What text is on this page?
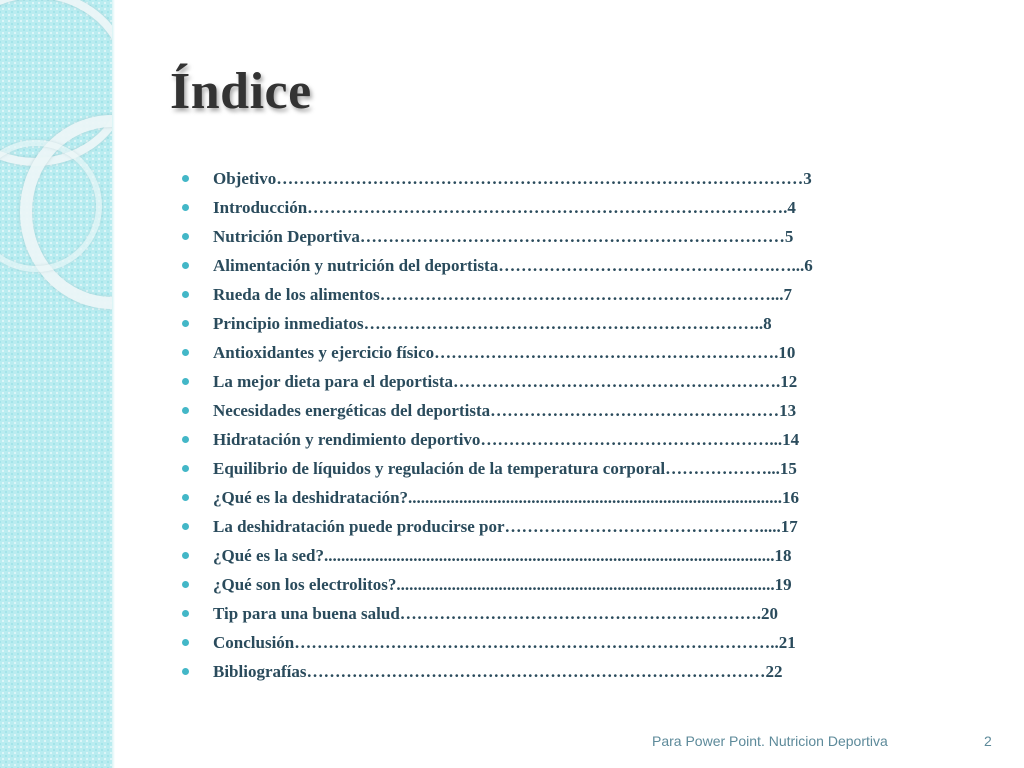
Índice
Objetivo…………………………………………………………………………………3
Introducción………………………………………………………………………….4
Nutrición Deportiva…………………………………………………………………5
Alimentación y nutrición del deportista………………………………………….…...6
Rueda de los alimentos……………………………………………………………...7
Principio inmediatos……………………………………………………………..8
Antioxidantes y ejercicio físico…………………………………………………….10
La mejor dieta para el deportista………………………………………………….12
Necesidades energéticas del deportista……………………………………………13
Hidratación y rendimiento deportivo……………………………………………...14
Equilibrio de líquidos y regulación de la temperatura corporal………………...15
¿Qué es la deshidratación?........................................................................................16
La deshidratación puede producirse por……………………………………….....17
¿Qué es la sed?..........................................................................................................18
¿Qué son los electrolitos?.........................................................................................19
Tip para una buena salud……………………………………………………….20
Conclusión…………………………………………………………………………..21
Bibliografías………………………………………………………………………22
Para Power Point. Nutricion Deportiva	2
